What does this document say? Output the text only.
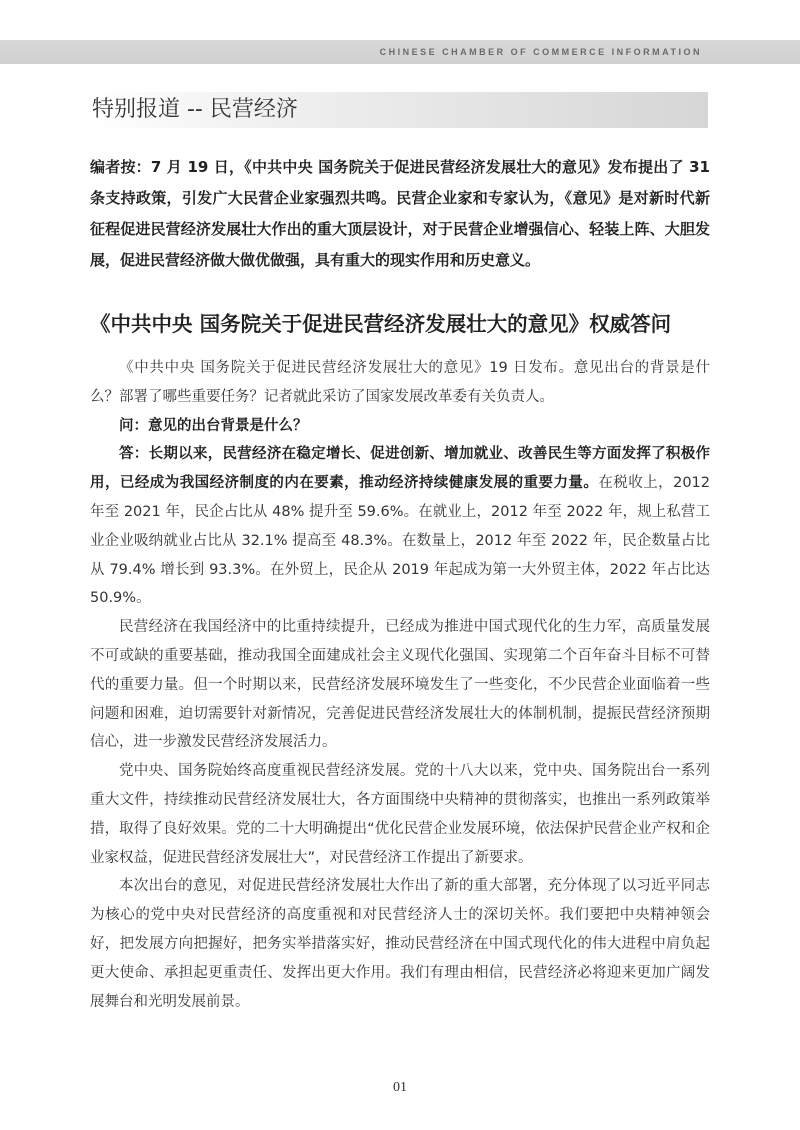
CHINESE CHAMBER OF COMMERCE INFORMATION
特别报道 -- 民营经济
编者按：7 月 19 日，《中共中央 国务院关于促进民营经济发展壮大的意见》发布提出了 31 条支持政策，引发广大民营企业家强烈共鸣。民营企业家和专家认为，《意见》是对新时代新征程促进民营经济发展壮大作出的重大顶层设计，对于民营企业增强信心、轻装上阵、大胆发展，促进民营经济做大做优做强，具有重大的现实作用和历史意义。
《中共中央 国务院关于促进民营经济发展壮大的意见》权威答问

《中共中央 国务院关于促进民营经济发展壮大的意见》19 日发布。意见出台的背景是什么？部署了哪些重要任务？记者就此采访了国家发展改革委有关负责人。

问：意见的出台背景是什么？

答：长期以来，民营经济在稳定增长、促进创新、增加就业、改善民生等方面发挥了积极作用，已经成为我国经济制度的内在要素，推动经济持续健康发展的重要力量。在税收上，2012 年至 2021 年，民企占比从 48% 提升至 59.6%。在就业上，2012 年至 2022 年，规上私营工业企业吸纳就业占比从 32.1% 提高至 48.3%。在数量上，2012 年至 2022 年，民企数量占比从 79.4% 增长到 93.3%。在外贸上，民企从 2019 年起成为第一大外贸主体，2022 年占比达 50.9%。

民营经济在我国经济中的比重持续提升，已经成为推进中国式现代化的生力军，高质量发展不可或缺的重要基础，推动我国全面建成社会主义现代化强国、实现第二个百年奋斗目标不可替代的重要力量。但一个时期以来，民营经济发展环境发生了一些变化，不少民营企业面临着一些问题和困难，迫切需要针对新情况，完善促进民营经济发展壮大的体制机制，提振民营经济预期信心，进一步激发民营经济发展活力。

党中央、国务院始终高度重视民营经济发展。党的十八大以来，党中央、国务院出台一系列重大文件，持续推动民营经济发展壮大，各方面围绕中央精神的贯彻落实，也推出一系列政策举措，取得了良好效果。党的二十大明确提出“优化民营企业发展环境，依法保护民营企业产权和企业家权益，促进民营经济发展壮大”，对民营经济工作提出了新要求。

本次出台的意见，对促进民营经济发展壮大作出了新的重大部署，充分体现了以习近平同志为核心的党中央对民营经济的高度重视和对民营经济人士的深切关怀。我们要把中央精神领会好，把发展方向把握好，把务实举措落实好，推动民营经济在中国式现代化的伟大进程中肩负起更大使命、承担起更重责任、发挥出更大作用。我们有理由相信，民营经济必将迎来更加广阔发展舞台和光明发展前景。

01
